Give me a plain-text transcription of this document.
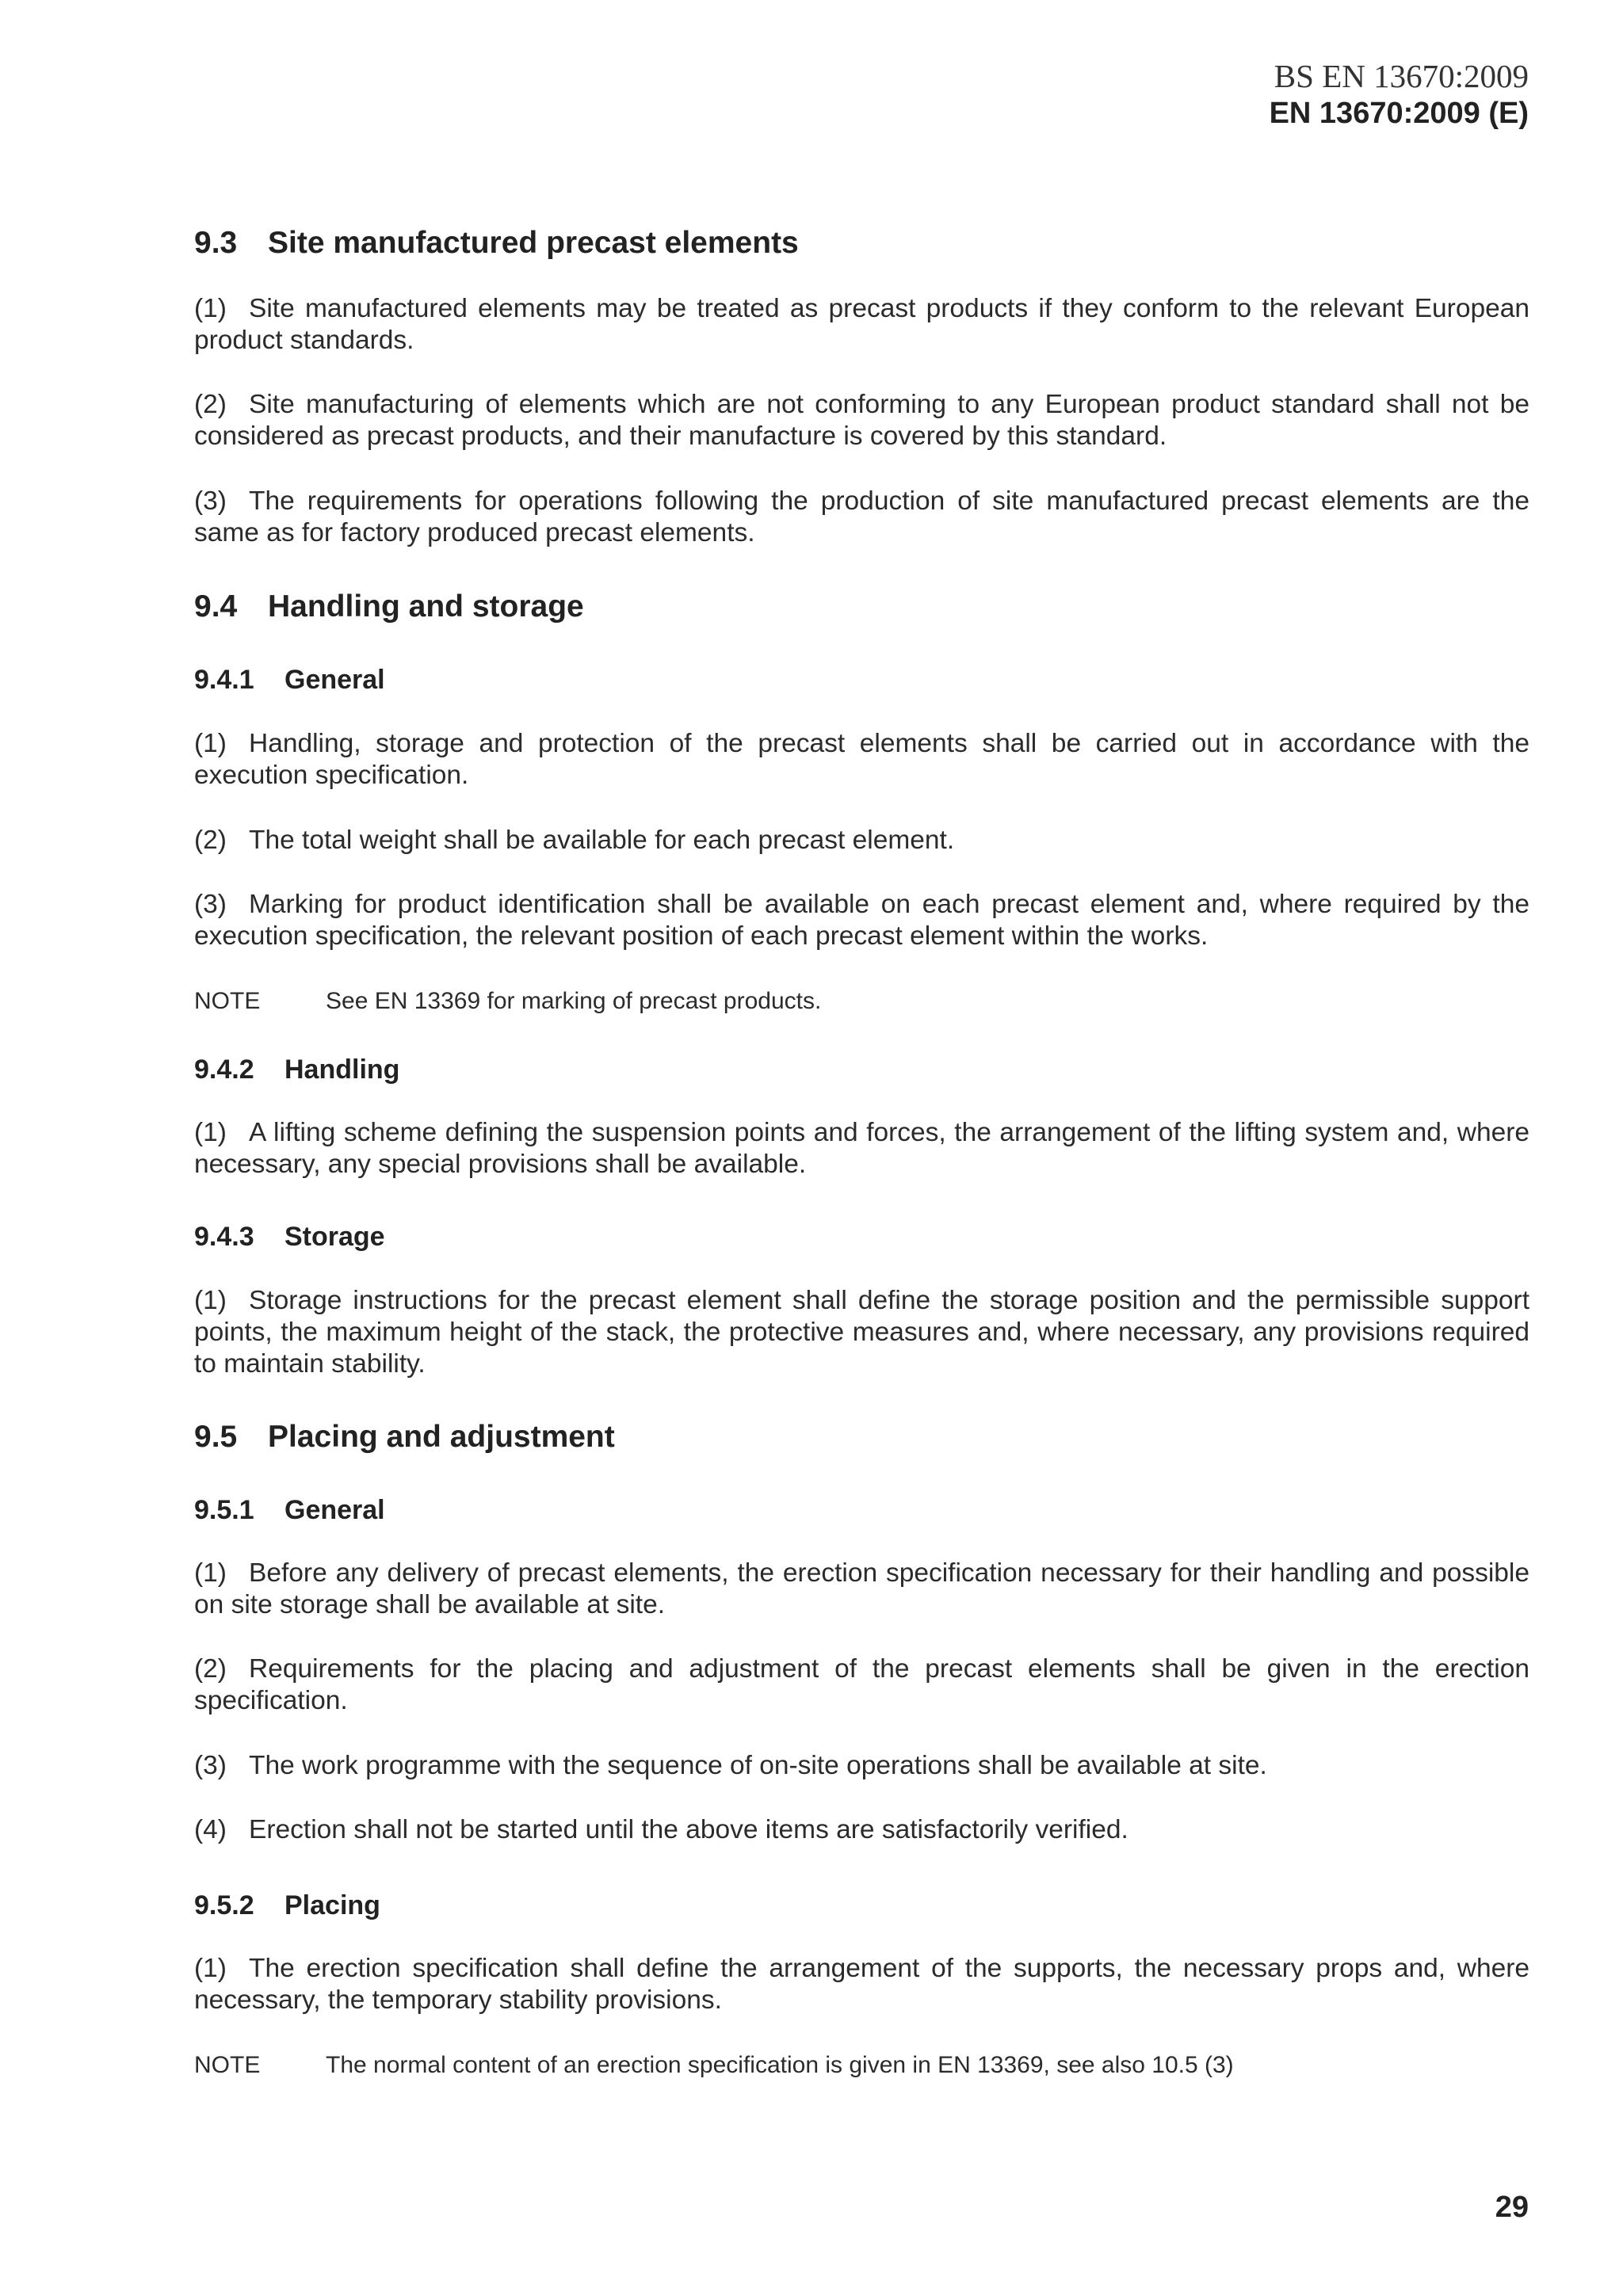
BS EN 13670:2009
EN 13670:2009 (E)
9.3 Site manufactured precast elements
(1) Site manufactured elements may be treated as precast products if they conform to the relevant European product standards.
(2) Site manufacturing of elements which are not conforming to any European product standard shall not be considered as precast products, and their manufacture is covered by this standard.
(3) The requirements for operations following the production of site manufactured precast elements are the same as for factory produced precast elements.
9.4 Handling and storage
9.4.1 General
(1) Handling, storage and protection of the precast elements shall be carried out in accordance with the execution specification.
(2) The total weight shall be available for each precast element.
(3) Marking for product identification shall be available on each precast element and, where required by the execution specification, the relevant position of each precast element within the works.
NOTE	See EN 13369 for marking of precast products.
9.4.2 Handling
(1) A lifting scheme defining the suspension points and forces, the arrangement of the lifting system and, where necessary, any special provisions shall be available.
9.4.3 Storage
(1) Storage instructions for the precast element shall define the storage position and the permissible support points, the maximum height of the stack, the protective measures and, where necessary, any provisions required to maintain stability.
9.5 Placing and adjustment
9.5.1 General
(1) Before any delivery of precast elements, the erection specification necessary for their handling and possible on site storage shall be available at site.
(2) Requirements for the placing and adjustment of the precast elements shall be given in the erection specification.
(3) The work programme with the sequence of on-site operations shall be available at site.
(4) Erection shall not be started until the above items are satisfactorily verified.
9.5.2 Placing
(1) The erection specification shall define the arrangement of the supports, the necessary props and, where necessary, the temporary stability provisions.
NOTE	The normal content of an erection specification is given in EN 13369, see also 10.5 (3)
29
